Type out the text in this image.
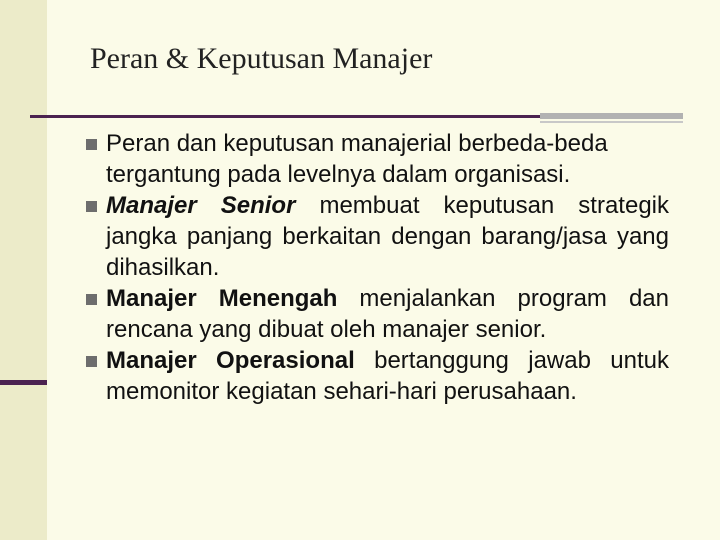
Peran & Keputusan Manajer
Peran dan keputusan manajerial berbeda-beda tergantung pada levelnya dalam organisasi.
Manajer Senior membuat keputusan strategik jangka panjang berkaitan dengan barang/jasa yang dihasilkan.
Manajer Menengah menjalankan program dan rencana yang dibuat oleh manajer senior.
Manajer Operasional bertanggung jawab untuk memonitor kegiatan sehari-hari perusahaan.
